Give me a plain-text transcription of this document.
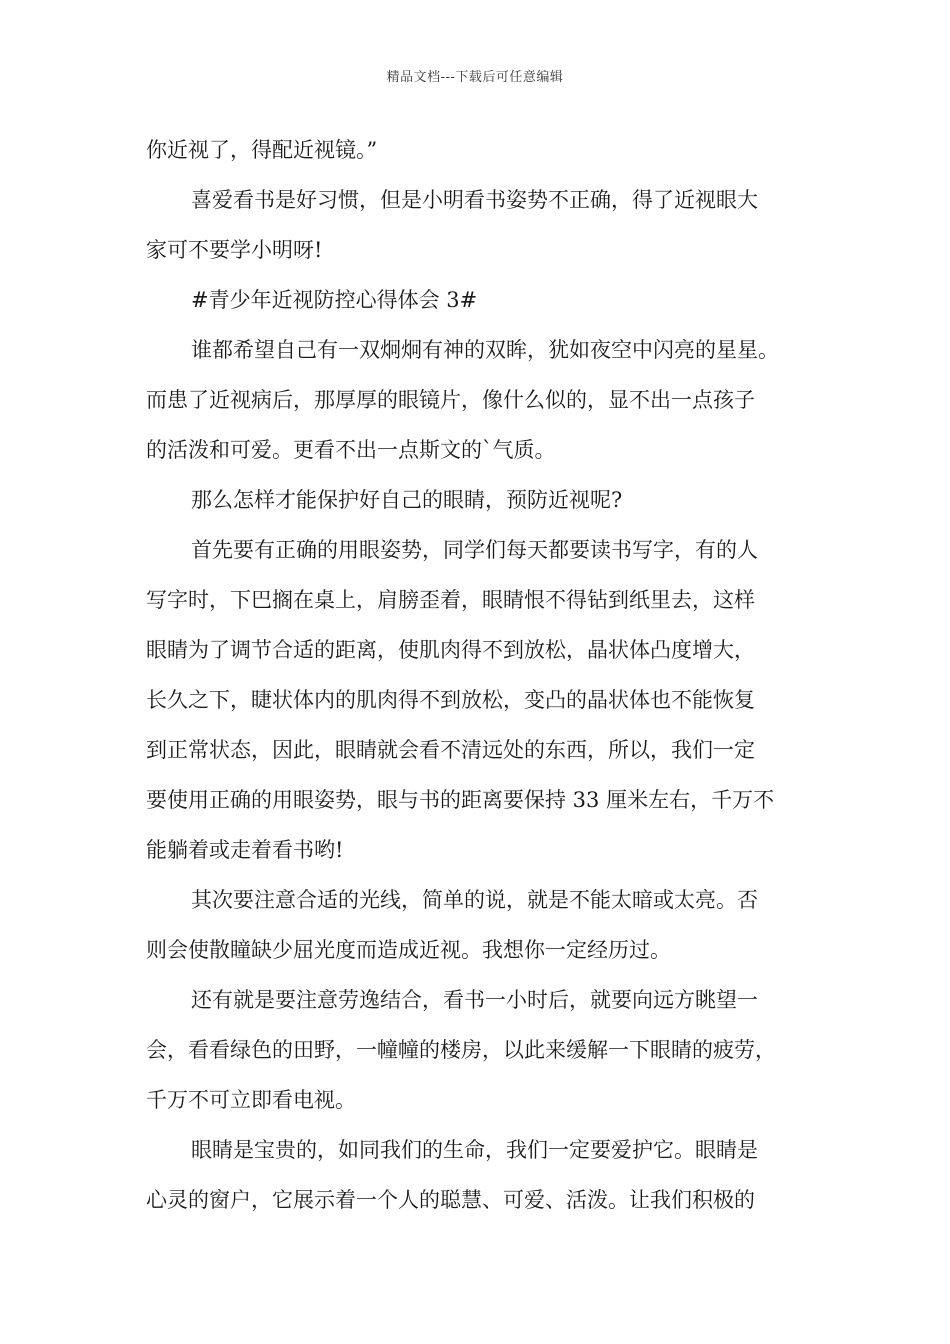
精品文档---下载后可任意编辑
你近视了，得配近视镜。”
喜爱看书是好习惯，但是小明看书姿势不正确，得了近视眼大
家可不要学小明呀!
#青少年近视防控心得体会 3#
谁都希望自己有一双炯炯有神的双眸，犹如夜空中闪亮的星星。
而患了近视病后，那厚厚的眼镜片，像什么似的，显不出一点孩子
的活泼和可爱。更看不出一点斯文的`气质。
那么怎样才能保护好自己的眼睛，预防近视呢?
首先要有正确的用眼姿势，同学们每天都要读书写字，有的人
写字时，下巴搁在桌上，肩膀歪着，眼睛恨不得钻到纸里去，这样
眼睛为了调节合适的距离，使肌肉得不到放松，晶状体凸度增大，
长久之下，睫状体内的肌肉得不到放松，变凸的晶状体也不能恢复
到正常状态，因此，眼睛就会看不清远处的东西，所以，我们一定
要使用正确的用眼姿势，眼与书的距离要保持 33 厘米左右，千万不
能躺着或走着看书哟!
其次要注意合适的光线，简单的说，就是不能太暗或太亮。否
则会使散瞳缺少屈光度而造成近视。我想你一定经历过。
还有就是要注意劳逸结合，看书一小时后，就要向远方眺望一
会，看看绿色的田野，一幢幢的楼房，以此来缓解一下眼睛的疲劳，
千万不可立即看电视。
眼睛是宝贵的，如同我们的生命，我们一定要爱护它。眼睛是
心灵的窗户，它展示着一个人的聪慧、可爱、活泼。让我们积极的
